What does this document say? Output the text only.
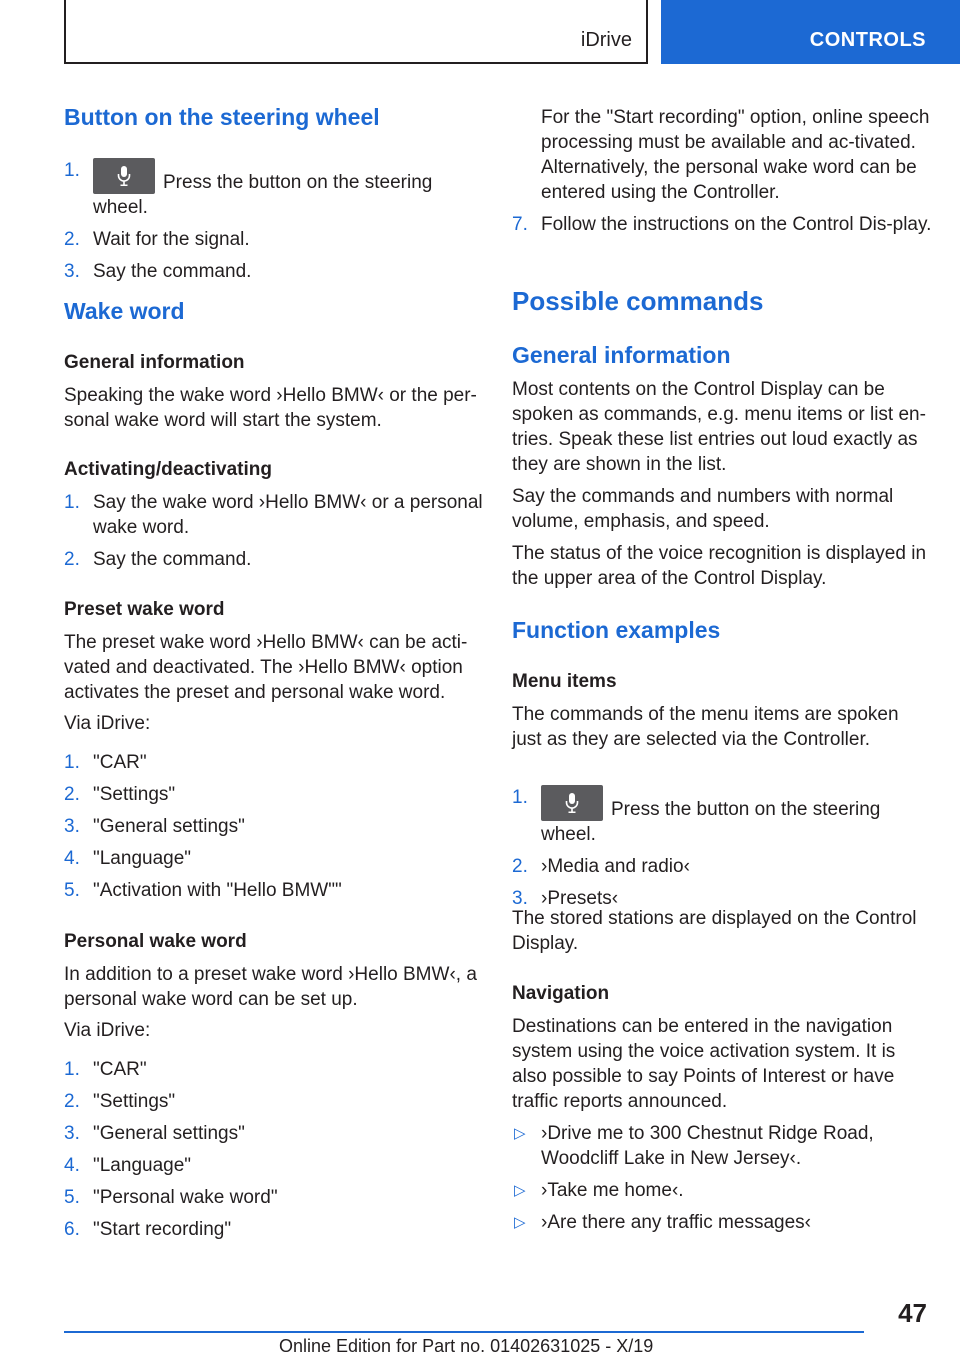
iDrive	CONTROLS
Button on the steering wheel
1.
Press the button on the steering wheel.
2. Wait for the signal.
3. Say the command.
Wake word
General information
Speaking the wake word ›Hello BMW‹ or the per-sonal wake word will start the system.
Activating/deactivating
1. Say the wake word ›Hello BMW‹ or a personal wake word.
2. Say the command.
Preset wake word
The preset wake word ›Hello BMW‹ can be acti-vated and deactivated. The ›Hello BMW‹ option activates the preset and personal wake word.
Via iDrive:
1. "CAR"
2. "Settings"
3. "General settings"
4. "Language"
5. "Activation with "Hello BMW""
Personal wake word
In addition to a preset wake word ›Hello BMW‹, a personal wake word can be set up.
Via iDrive:
1. "CAR"
2. "Settings"
3. "General settings"
4. "Language"
5. "Personal wake word"
6. "Start recording"
For the "Start recording" option, online speech processing must be available and ac-tivated. Alternatively, the personal wake word can be entered using the Controller.
7. Follow the instructions on the Control Dis-play.
Possible commands
General information
Most contents on the Control Display can be spoken as commands, e.g. menu items or list en-tries. Speak these list entries out loud exactly as they are shown in the list.
Say the commands and numbers with normal volume, emphasis, and speed.
The status of the voice recognition is displayed in the upper area of the Control Display.
Function examples
Menu items
The commands of the menu items are spoken just as they are selected via the Controller.
1.
Press the button on the steering wheel.
2. ›Media and radio‹
3. ›Presets‹
The stored stations are displayed on the Control Display.
Navigation
Destinations can be entered in the navigation system using the voice activation system. It is also possible to say Points of Interest or have traffic reports announced.
▷ ›Drive me to 300 Chestnut Ridge Road, Woodcliff Lake in New Jersey‹.
▷ ›Take me home‹.
▷ ›Are there any traffic messages‹
47
Online Edition for Part no. 01402631025 - X/19
